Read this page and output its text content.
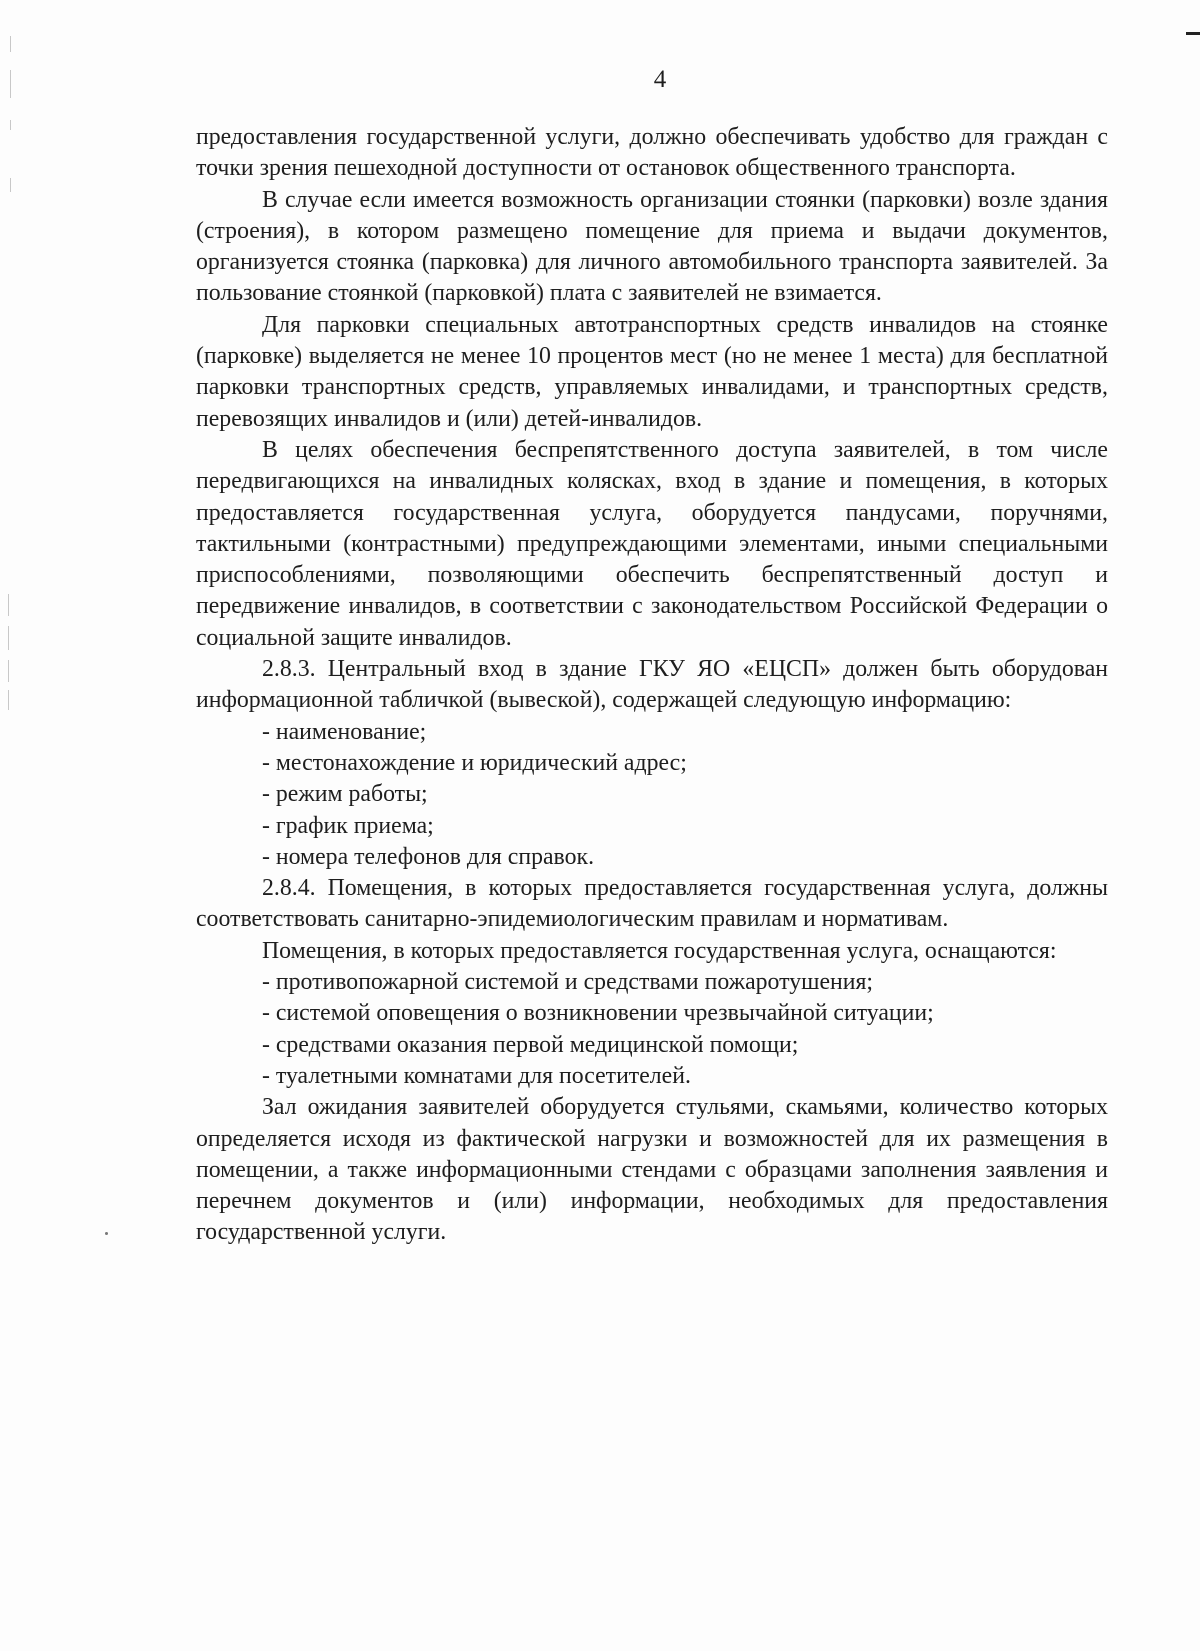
4

предоставления государственной услуги, должно обеспечивать удобство для граждан с точки зрения пешеходной доступности от остановок общественного транспорта.

В случае если имеется возможность организации стоянки (парковки) возле здания (строения), в котором размещено помещение для приема и выдачи документов, организуется стоянка (парковка) для личного автомобильного транспорта заявителей. За пользование стоянкой (парковкой) плата с заявителей не взимается.

Для парковки специальных автотранспортных средств инвалидов на стоянке (парковке) выделяется не менее 10 процентов мест (но не менее 1 места) для бесплатной парковки транспортных средств, управляемых инвалидами, и транспортных средств, перевозящих инвалидов и (или) детей-инвалидов.

В целях обеспечения беспрепятственного доступа заявителей, в том числе передвигающихся на инвалидных колясках, вход в здание и помещения, в которых предоставляется государственная услуга, оборудуется пандусами, поручнями, тактильными (контрастными) предупреждающими элементами, иными специальными приспособлениями, позволяющими обеспечить беспрепятственный доступ и передвижение инвалидов, в соответствии с законодательством Российской Федерации о социальной защите инвалидов.

2.8.3. Центральный вход в здание ГКУ ЯО «ЕЦСП» должен быть оборудован информационной табличкой (вывеской), содержащей следующую информацию:

- наименование;
- местонахождение и юридический адрес;
- режим работы;
- график приема;
- номера телефонов для справок.

2.8.4. Помещения, в которых предоставляется государственная услуга, должны соответствовать санитарно-эпидемиологическим правилам и нормативам.

Помещения, в которых предоставляется государственная услуга, оснащаются:

- противопожарной системой и средствами пожаротушения;
- системой оповещения о возникновении чрезвычайной ситуации;
- средствами оказания первой медицинской помощи;
- туалетными комнатами для посетителей.

Зал ожидания заявителей оборудуется стульями, скамьями, количество которых определяется исходя из фактической нагрузки и возможностей для их размещения в помещении, а также информационными стендами с образцами заполнения заявления и перечнем документов и (или) информации, необходимых для предоставления государственной услуги.
